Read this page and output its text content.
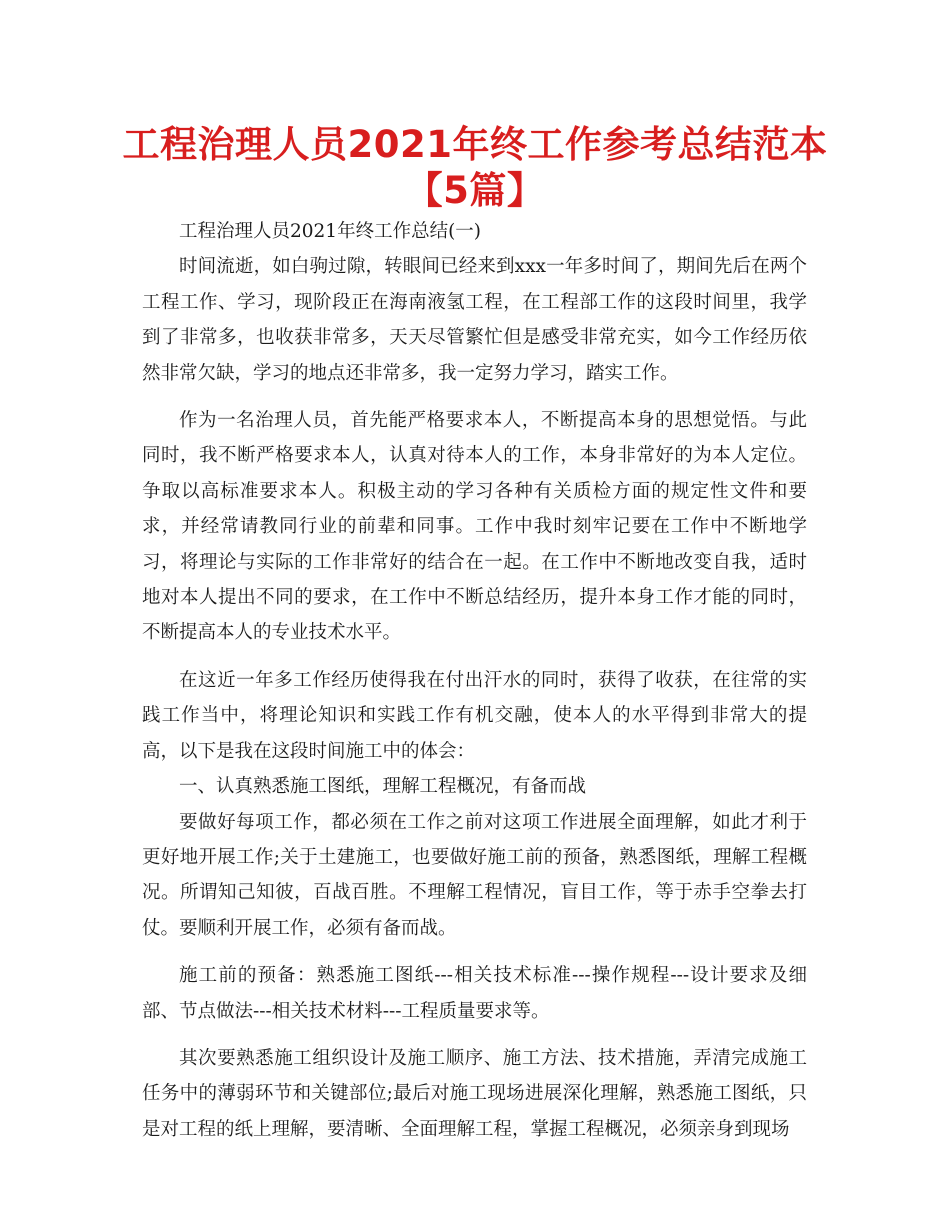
工程治理人员2021年终工作参考总结范本【5篇】

工程治理人员2021年终工作总结(一)

时间流逝，如白驹过隙，转眼间已经来到xxx一年多时间了，期间先后在两个工程工作、学习，现阶段正在海南液氢工程，在工程部工作的这段时间里，我学到了非常多，也收获非常多，天天尽管繁忙但是感受非常充实，如今工作经历依然非常欠缺，学习的地点还非常多，我一定努力学习，踏实工作。

作为一名治理人员，首先能严格要求本人，不断提高本身的思想觉悟。与此同时，我不断严格要求本人，认真对待本人的工作，本身非常好的为本人定位。争取以高标准要求本人。积极主动的学习各种有关质检方面的规定性文件和要求，并经常请教同行业的前辈和同事。工作中我时刻牢记要在工作中不断地学习，将理论与实际的工作非常好的结合在一起。在工作中不断地改变自我，适时地对本人提出不同的要求，在工作中不断总结经历，提升本身工作才能的同时，不断提高本人的专业技术水平。

在这近一年多工作经历使得我在付出汗水的同时，获得了收获，在往常的实践工作当中，将理论知识和实践工作有机交融，使本人的水平得到非常大的提高，以下是我在这段时间施工中的体会：

一、认真熟悉施工图纸，理解工程概况，有备而战

要做好每项工作，都必须在工作之前对这项工作进展全面理解，如此才利于更好地开展工作;关于土建施工，也要做好施工前的预备，熟悉图纸，理解工程概况。所谓知己知彼，百战百胜。不理解工程情况，盲目工作，等于赤手空拳去打仗。要顺利开展工作，必须有备而战。

施工前的预备：熟悉施工图纸---相关技术标准---操作规程---设计要求及细部、节点做法---相关技术材料---工程质量要求等。

其次要熟悉施工组织设计及施工顺序、施工方法、技术措施，弄清完成施工任务中的薄弱环节和关键部位;最后对施工现场进展深化理解，熟悉施工图纸，只是对工程的纸上理解，要清晰、全面理解工程，掌握工程概况，必须亲身到现场
